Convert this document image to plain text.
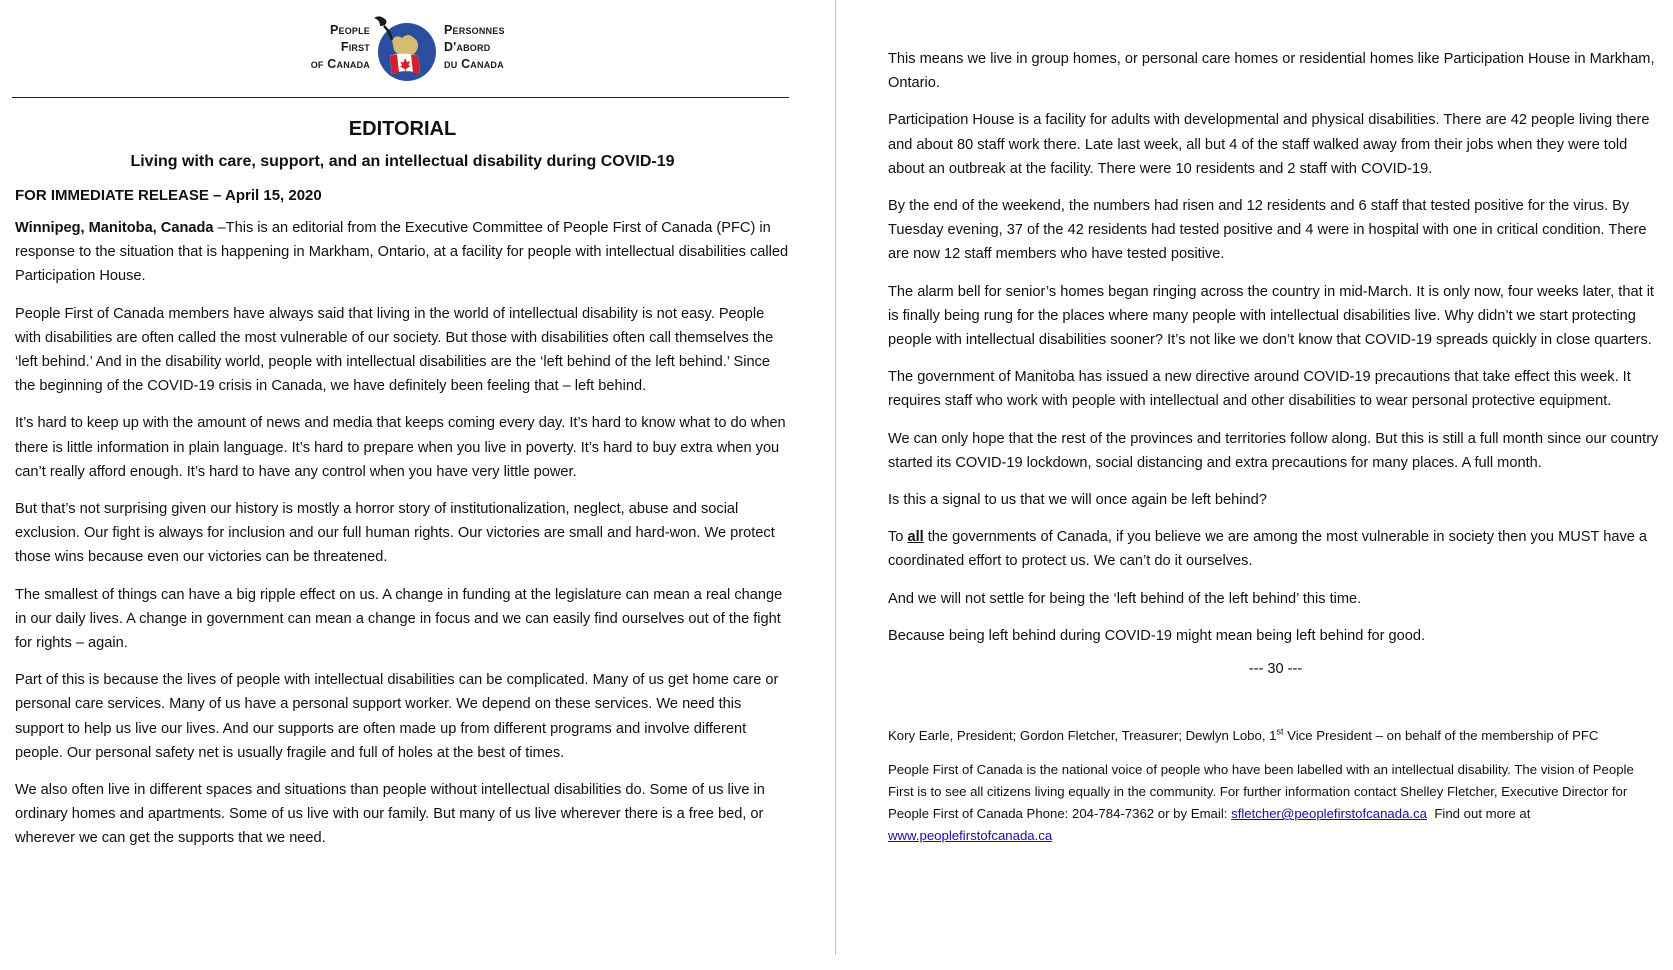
People
First
of Canada
Personnes
D'abord
du Canada
EDITORIAL
Living with care, support, and an intellectual disability during COVID-19
FOR IMMEDIATE RELEASE – April 15, 2020

Winnipeg, Manitoba, Canada –This is an editorial from the Executive Committee of People First of Canada (PFC) in response to the situation that is happening in Markham, Ontario, at a facility for people with intellectual disabilities called Participation House.

People First of Canada members have always said that living in the world of intellectual disability is not easy. People with disabilities are often called the most vulnerable of our society. But those with disabilities often call themselves the ‘left behind.’ And in the disability world, people with intellectual disabilities are the ‘left behind of the left behind.’ Since the beginning of the COVID-19 crisis in Canada, we have definitely been feeling that – left behind.

It’s hard to keep up with the amount of news and media that keeps coming every day. It’s hard to know what to do when there is little information in plain language. It’s hard to prepare when you live in poverty. It’s hard to buy extra when you can’t really afford enough. It’s hard to have any control when you have very little power.

But that’s not surprising given our history is mostly a horror story of institutionalization, neglect, abuse and social exclusion. Our fight is always for inclusion and our full human rights. Our victories are small and hard-won. We protect those wins because even our victories can be threatened.

The smallest of things can have a big ripple effect on us. A change in funding at the legislature can mean a real change in our daily lives. A change in government can mean a change in focus and we can easily find ourselves out of the fight for rights – again.

Part of this is because the lives of people with intellectual disabilities can be complicated. Many of us get home care or personal care services. Many of us have a personal support worker. We depend on these services. We need this support to help us live our lives. And our supports are often made up from different programs and involve different people. Our personal safety net is usually fragile and full of holes at the best of times.

We also often live in different spaces and situations than people without intellectual disabilities do. Some of us live in ordinary homes and apartments. Some of us live with our family. But many of us live wherever there is a free bed, or wherever we can get the supports that we need.

This means we live in group homes, or personal care homes or residential homes like Participation House in Markham, Ontario.

Participation House is a facility for adults with developmental and physical disabilities. There are 42 people living there and about 80 staff work there. Late last week, all but 4 of the staff walked away from their jobs when they were told about an outbreak at the facility. There were 10 residents and 2 staff with COVID-19.

By the end of the weekend, the numbers had risen and 12 residents and 6 staff that tested positive for the virus. By Tuesday evening, 37 of the 42 residents had tested positive and 4 were in hospital with one in critical condition. There are now 12 staff members who have tested positive.

The alarm bell for senior’s homes began ringing across the country in mid-March. It is only now, four weeks later, that it is finally being rung for the places where many people with intellectual disabilities live. Why didn’t we start protecting people with intellectual disabilities sooner? It’s not like we don’t know that COVID-19 spreads quickly in close quarters.

The government of Manitoba has issued a new directive around COVID-19 precautions that take effect this week. It requires staff who work with people with intellectual and other disabilities to wear personal protective equipment.

We can only hope that the rest of the provinces and territories follow along. But this is still a full month since our country started its COVID-19 lockdown, social distancing and extra precautions for many places. A full month.

Is this a signal to us that we will once again be left behind?

To all the governments of Canada, if you believe we are among the most vulnerable in society then you MUST have a coordinated effort to protect us. We can’t do it ourselves.

And we will not settle for being the ‘left behind of the left behind’ this time.

Because being left behind during COVID-19 might mean being left behind for good.

--- 30 ---
Kory Earle, President; Gordon Fletcher, Treasurer; Dewlyn Lobo, 1st Vice President – on behalf of the membership of PFC
People First of Canada is the national voice of people who have been labelled with an intellectual disability. The vision of People First is to see all citizens living equally in the community. For further information contact Shelley Fletcher, Executive Director for People First of Canada Phone: 204-784-7362 or by Email: sfletcher@peoplefirstofcanada.ca  Find out more at www.peoplefirstofcanada.ca
